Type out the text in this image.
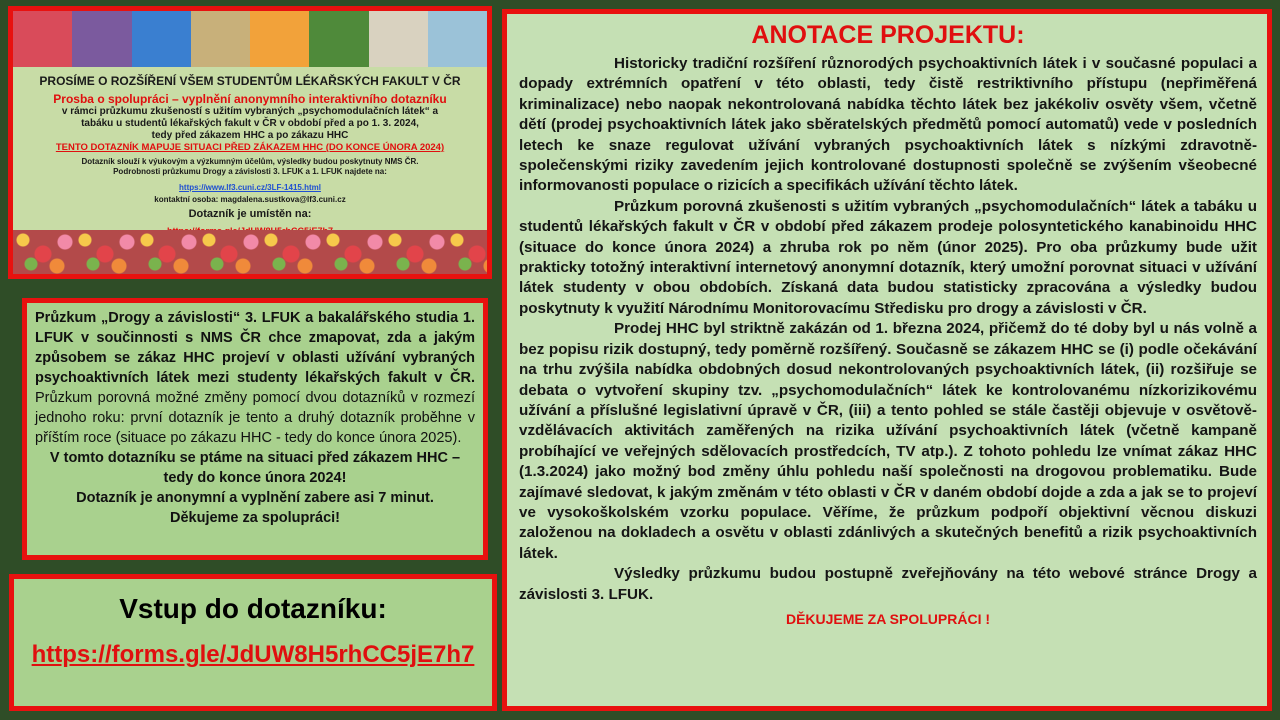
PROSÍME O ROZŠÍŘENÍ VŠEM STUDENTŮM LÉKAŘSKÝCH FAKULT V ČR
Prosba o spolupráci – vyplnění anonymního interaktivního dotazníku
v rámci průzkumu zkušeností s užitím vybraných „psychomodulačních látek“ a
tabáku u studentů lékařských fakult v ČR v období před a po 1. 3. 2024,
tedy před zákazem HHC a po zákazu HHC
TENTO DOTAZNÍK MAPUJE SITUACI PŘED ZÁKAZEM HHC (DO KONCE ÚNORA 2024)
Dotazník slouží k výukovým a výzkumným účelům, výsledky budou poskytnuty NMS ČR.
Podrobnosti průzkumu Drogy a závislosti 3. LFUK a 1. LFUK najdete na:
https://www.lf3.cuni.cz/3LF-1415.html
kontaktní osoba: magdalena.sustkova@lf3.cuni.cz
Dotazník je umístěn na:

Průzkum „Drogy a závislosti“ 3. LFUK a bakalářského studia 1. LFUK v součinnosti s NMS ČR chce zmapovat, zda a jakým způsobem se zákaz HHC projeví v oblasti užívání vybraných psychoaktivních látek mezi studenty lékařských fakult v ČR. Průzkum porovná možné změny pomocí dvou dotazníků v rozmezí jednoho roku: první dotazník je tento a druhý dotazník proběhne v příštím roce (situace po zákazu HHC - tedy do konce února 2025).

V tomto dotazníku se ptáme na situaci před zákazem HHC – tedy do konce února 2024!

Dotazník je anonymní a vyplnění zabere asi 7 minut.

Děkujeme za spolupráci!

Vstup do dotazníku:
https://forms.gle/JdUW8H5rhCC5jE7h7
ANOTACE PROJEKTU:

Historicky tradiční rozšíření různorodých psychoaktivních látek i v současné populaci a dopady extrémních opatření v této oblasti, tedy čistě restriktivního přístupu (nepřiměřená kriminalizace) nebo naopak nekontrolovaná nabídka těchto látek bez jakékoliv osvěty všem, včetně dětí (prodej psychoaktivních látek jako sběratelských předmětů pomocí automatů) vede v posledních letech ke snaze regulovat užívání vybraných psychoaktivních látek s nízkými zdravotně-společenskými riziky zavedením jejich kontrolované dostupnosti společně se zvýšením všeobecné informovanosti populace o rizicích a specifikách užívání těchto látek.

Průzkum porovná zkušenosti s užitím vybraných „psychomodulačních“ látek a tabáku u studentů lékařských fakult v ČR v období před zákazem prodeje polosyntetického kanabinoidu HHC (situace do konce února 2024) a zhruba rok po něm (únor 2025). Pro oba průzkumy bude užit prakticky totožný interaktivní internetový anonymní dotazník, který umožní porovnat situaci v užívání látek studenty v obou obdobích. Získaná data budou statisticky zpracována a výsledky budou poskytnuty k využití Národnímu Monitorovacímu Středisku pro drogy a závislosti v ČR.

Prodej HHC byl striktně zakázán od 1. března 2024, přičemž do té doby byl u nás volně a bez popisu rizik dostupný, tedy poměrně rozšířený. Současně se zákazem HHC se (i) podle očekávání na trhu zvýšila nabídka obdobných dosud nekontrolovaných psychoaktivních látek, (ii) rozšiřuje se debata o vytvoření skupiny tzv. „psychomodulačních“ látek ke kontrolovanému nízkorizikovému užívání a příslušné legislativní úpravě v ČR, (iii) a tento pohled se stále častěji objevuje v osvětově-vzdělávacích aktivitách zaměřených na rizika užívání psychoaktivních látek (včetně kampaně probíhající ve veřejných sdělovacích prostředcích, TV atp.). Z tohoto pohledu lze vnímat zákaz HHC (1.3.2024) jako možný bod změny úhlu pohledu naší společnosti na drogovou problematiku. Bude zajímavé sledovat, k jakým změnám v této oblasti v ČR v daném období dojde a zda a jak se to projeví ve vysokoškolském vzorku populace. Věříme, že průzkum podpoří objektivní věcnou diskuzi založenou na dokladech a osvětu v oblasti zdánlivých a skutečných benefitů a rizik psychoaktivních látek.

Výsledky průzkumu budou postupně zveřejňovány na této webové stránce Drogy a závislosti 3. LFUK.

DĚKUJEME ZA SPOLUPRÁCI !
